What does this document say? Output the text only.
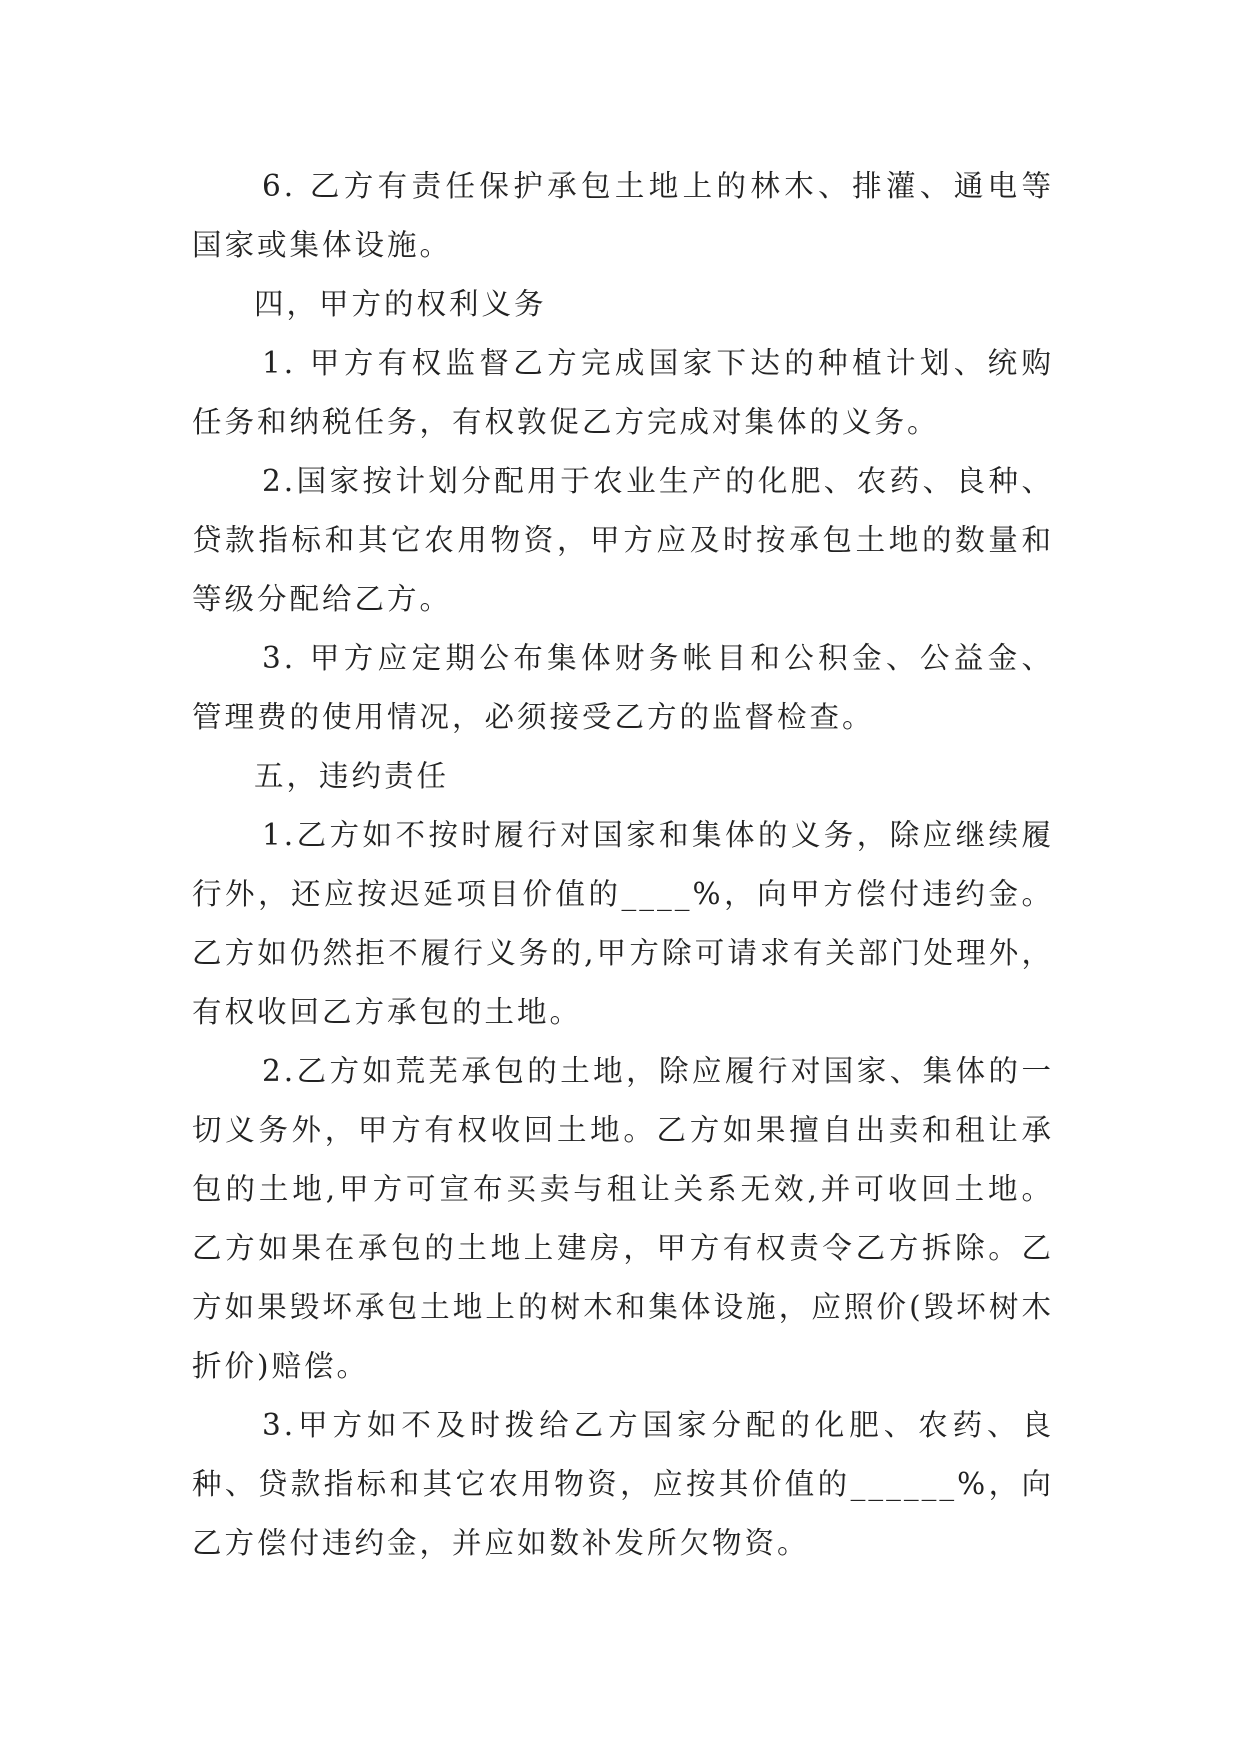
6. 乙方有责任保护承包土地上的林木、排灌、通电等国家或集体设施。

四，甲方的权利义务

1. 甲方有权监督乙方完成国家下达的种植计划、统购任务和纳税任务，有权敦促乙方完成对集体的义务。

2.国家按计划分配用于农业生产的化肥、农药、良种、贷款指标和其它农用物资，甲方应及时按承包土地的数量和等级分配给乙方。

3. 甲方应定期公布集体财务帐目和公积金、公益金、管理费的使用情况，必须接受乙方的监督检查。

五，违约责任

1.乙方如不按时履行对国家和集体的义务，除应继续履行外，还应按迟延项目价值的____%，向甲方偿付违约金。乙方如仍然拒不履行义务的,甲方除可请求有关部门处理外，有权收回乙方承包的土地。

2.乙方如荒芜承包的土地，除应履行对国家、集体的一切义务外，甲方有权收回土地。乙方如果擅自出卖和租让承包的土地,甲方可宣布买卖与租让关系无效,并可收回土地。乙方如果在承包的土地上建房，甲方有权责令乙方拆除。乙方如果毁坏承包土地上的树木和集体设施，应照价(毁坏树木折价)赔偿。

3.甲方如不及时拨给乙方国家分配的化肥、农药、良种、贷款指标和其它农用物资，应按其价值的______%，向乙方偿付违约金，并应如数补发所欠物资。
